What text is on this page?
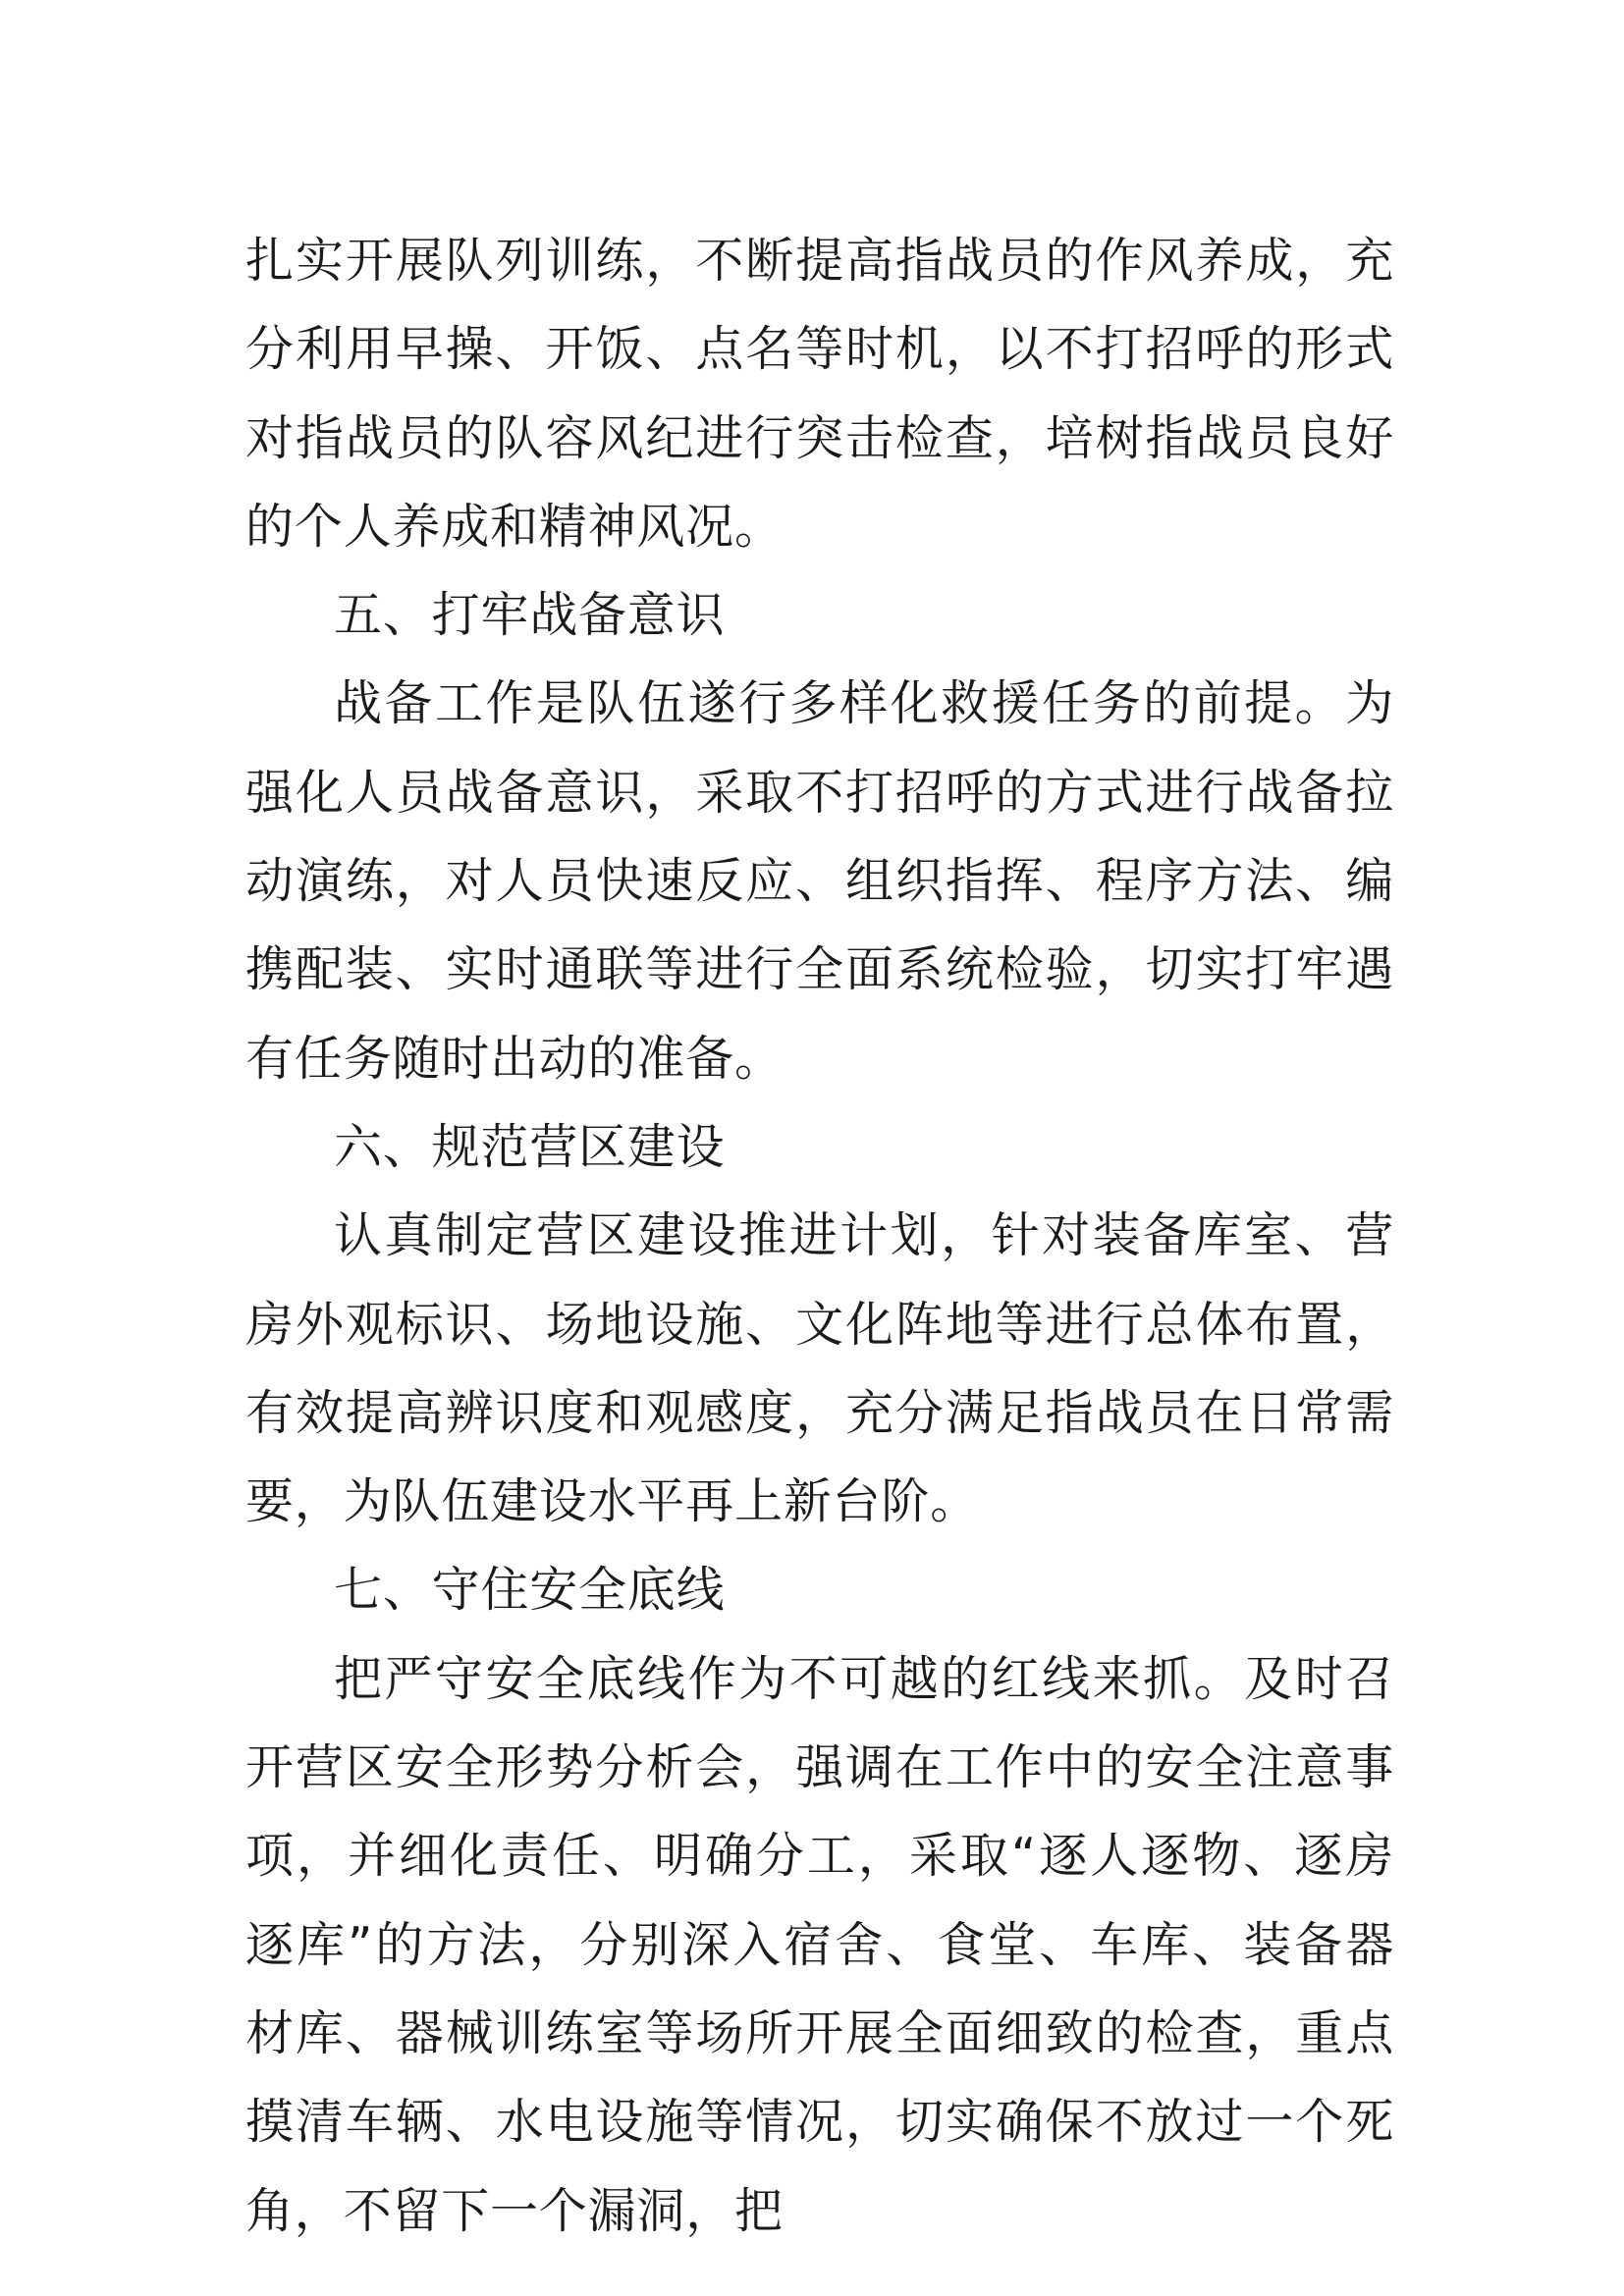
扎实开展队列训练，不断提高指战员的作风养成，充分利用早操、开饭、点名等时机，以不打招呼的形式对指战员的队容风纪进行突击检查，培树指战员良好的个人养成和精神风况。

五、打牢战备意识

战备工作是队伍遂行多样化救援任务的前提。为强化人员战备意识，采取不打招呼的方式进行战备拉动演练，对人员快速反应、组织指挥、程序方法、编携配装、实时通联等进行全面系统检验，切实打牢遇有任务随时出动的准备。

六、规范营区建设

认真制定营区建设推进计划，针对装备库室、营房外观标识、场地设施、文化阵地等进行总体布置，有效提高辨识度和观感度，充分满足指战员在日常需要，为队伍建设水平再上新台阶。

七、守住安全底线

把严守安全底线作为不可越的红线来抓。及时召开营区安全形势分析会，强调在工作中的安全注意事项，并细化责任、明确分工，采取“逐人逐物、逐房逐库”的方法，分别深入宿舍、食堂、车库、装备器材库、器械训练室等场所开展全面细致的检查，重点摸清车辆、水电设施等情况，切实确保不放过一个死角，不留下一个漏洞，把
